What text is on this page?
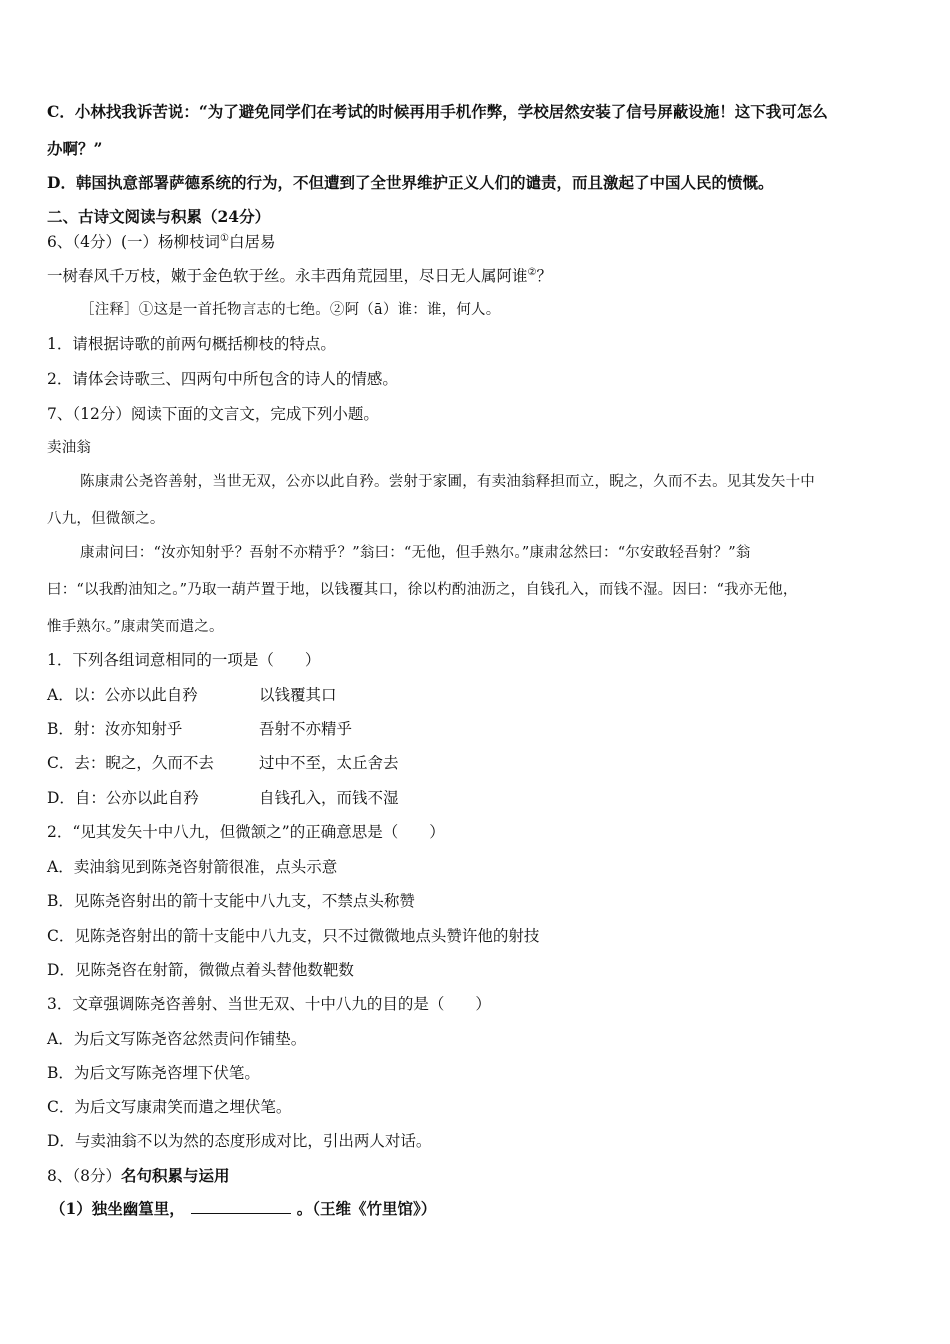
C．小林找我诉苦说：“为了避免同学们在考试的时候再用手机作弊，学校居然安装了信号屏蔽设施！这下我可怎么
办啊？”
D．韩国执意部署萨德系统的行为，不但遭到了全世界维护正义人们的谴责，而且激起了中国人民的愤慨。
二、古诗文阅读与积累（24分）
6、（4分）(一）杨柳枝词①白居易
一树春风千万枝，嫩于金色软于丝。永丰西角荒园里，尽日无人属阿谁②？
［注释］①这是一首托物言志的七绝。②阿（ā）谁：谁，何人。
1．请根据诗歌的前两句概括柳枝的特点。
2．请体会诗歌三、四两句中所包含的诗人的情感。
7、（12分）阅读下面的文言文，完成下列小题。
卖油翁
陈康肃公尧咨善射，当世无双，公亦以此自矜。尝射于家圃，有卖油翁释担而立，睨之，久而不去。见其发矢十中
八九，但微颔之。
康肃问曰：“汝亦知射乎？吾射不亦精乎？”翁曰：“无他，但手熟尔。”康肃忿然曰：“尔安敢轻吾射？”翁
曰：“以我酌油知之。”乃取一葫芦置于地，以钱覆其口，徐以杓酌油沥之，自钱孔入，而钱不湿。因曰：“我亦无他，
惟手熟尔。”康肃笑而遣之。
1．下列各组词意相同的一项是（　　）
A．以：公亦以此自矜	以钱覆其口
B．射：汝亦知射乎	吾射不亦精乎
C．去：睨之，久而不去	过中不至，太丘舍去
D．自：公亦以此自矜	自钱孔入，而钱不湿
2．“见其发矢十中八九，但微颔之”的正确意思是（　　）
A．卖油翁见到陈尧咨射箭很准，点头示意
B．见陈尧咨射出的箭十支能中八九支，不禁点头称赞
C．见陈尧咨射出的箭十支能中八九支，只不过微微地点头赞许他的射技
D．见陈尧咨在射箭，微微点着头替他数靶数
3．文章强调陈尧咨善射、当世无双、十中八九的目的是（　　）
A．为后文写陈尧咨忿然责问作铺垫。
B．为后文写陈尧咨埋下伏笔。
C．为后文写康肃笑而遣之埋伏笔。
D．与卖油翁不以为然的态度形成对比，引出两人对话。
8、（8分）名句积累与运用
（1）独坐幽篁里，	。（王维《竹里馆》）
